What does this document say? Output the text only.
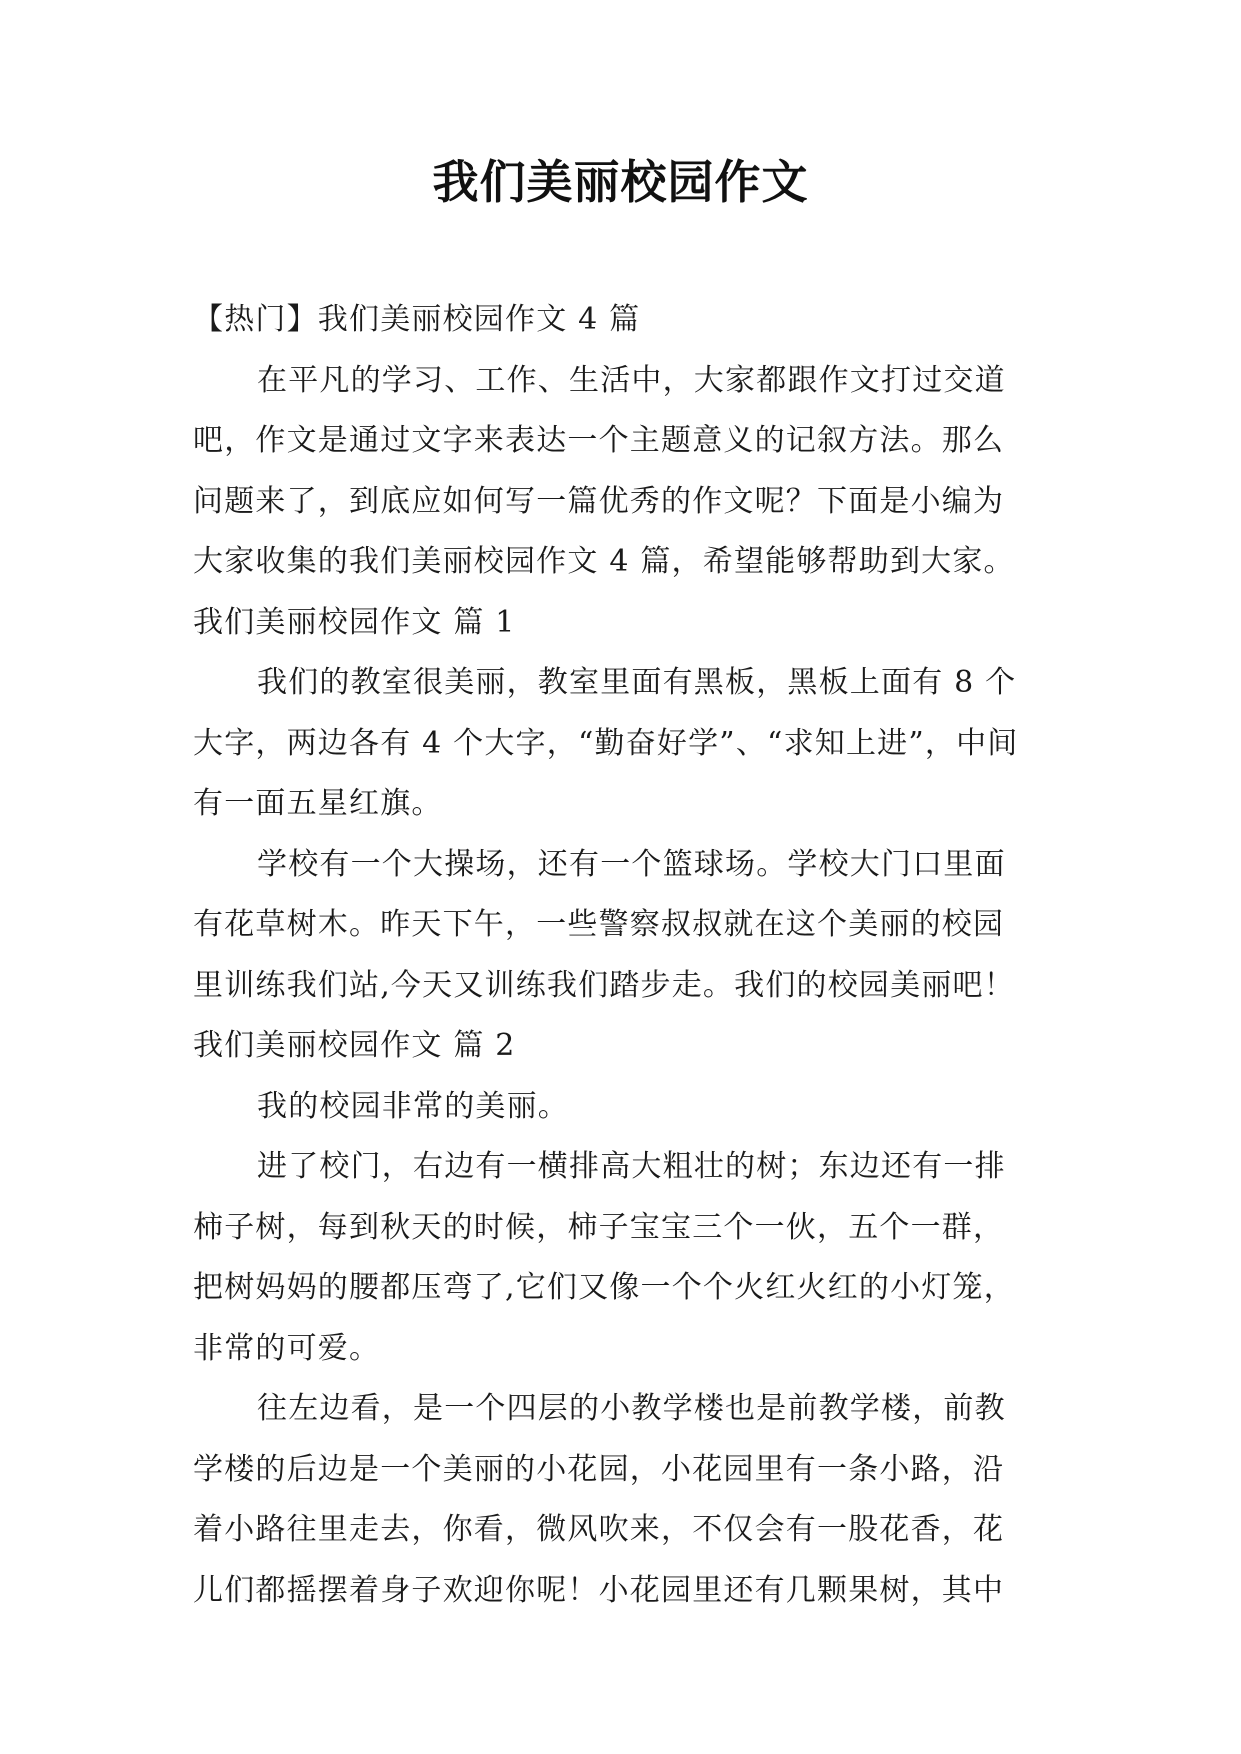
我们美丽校园作文
【热门】我们美丽校园作文 4 篇
在平凡的学习、工作、生活中，大家都跟作文打过交道
吧，作文是通过文字来表达一个主题意义的记叙方法。那么
问题来了，到底应如何写一篇优秀的作文呢？下面是小编为
大家收集的我们美丽校园作文 4 篇，希望能够帮助到大家。
我们美丽校园作文 篇 1
我们的教室很美丽，教室里面有黑板，黑板上面有 8 个
大字，两边各有 4 个大字，“勤奋好学”、“求知上进”，中间
有一面五星红旗。
学校有一个大操场，还有一个篮球场。学校大门口里面
有花草树木。昨天下午，一些警察叔叔就在这个美丽的校园
里训练我们站,今天又训练我们踏步走。我们的校园美丽吧！
我们美丽校园作文 篇 2
我的校园非常的美丽。
进了校门，右边有一横排高大粗壮的树；东边还有一排
柿子树，每到秋天的时候，柿子宝宝三个一伙，五个一群，
把树妈妈的腰都压弯了,它们又像一个个火红火红的小灯笼，
非常的可爱。
往左边看，是一个四层的小教学楼也是前教学楼，前教
学楼的后边是一个美丽的小花园，小花园里有一条小路，沿
着小路往里走去，你看，微风吹来，不仅会有一股花香，花
儿们都摇摆着身子欢迎你呢！小花园里还有几颗果树，其中
